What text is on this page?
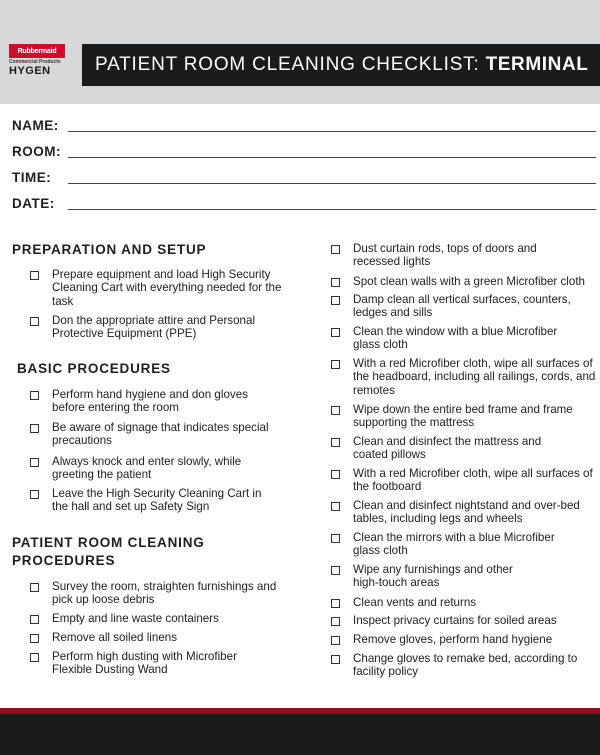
Rubbermaid
Commercial Products
HYGEN	PATIENT ROOM CLEANING CHECKLIST: TERMINAL
NAME:
ROOM:
TIME:
DATE:
PREPARATION AND SETUP
Prepare equipment and load High Security Cleaning Cart with everything needed for the task
Don the appropriate attire and Personal Protective Equipment (PPE)
BASIC PROCEDURES
Perform hand hygiene and don gloves before entering the room
Be aware of signage that indicates special precautions
Always knock and enter slowly, while greeting the patient
Leave the High Security Cleaning Cart in the hall and set up Safety Sign
PATIENT ROOM CLEANING
PROCEDURES
Survey the room, straighten furnishings and pick up loose debris
Empty and line waste containers
Remove all soiled linens
Perform high dusting with Microfiber Flexible Dusting Wand
Dust curtain rods, tops of doors and recessed lights
Spot clean walls with a green Microfiber cloth
Damp clean all vertical surfaces, counters, ledges and sills
Clean the window with a blue Microfiber glass cloth
With a red Microfiber cloth, wipe all surfaces of the headboard, including all railings, cords, and remotes
Wipe down the entire bed frame and frame supporting the mattress
Clean and disinfect the mattress and coated pillows
With a red Microfiber cloth, wipe all surfaces of the footboard
Clean and disinfect nightstand and over-bed tables, including legs and wheels
Clean the mirrors with a blue Microfiber glass cloth
Wipe any furnishings and other high-touch areas
Clean vents and returns
Inspect privacy curtains for soiled areas
Remove gloves, perform hand hygiene
Change gloves to remake bed, according to facility policy
